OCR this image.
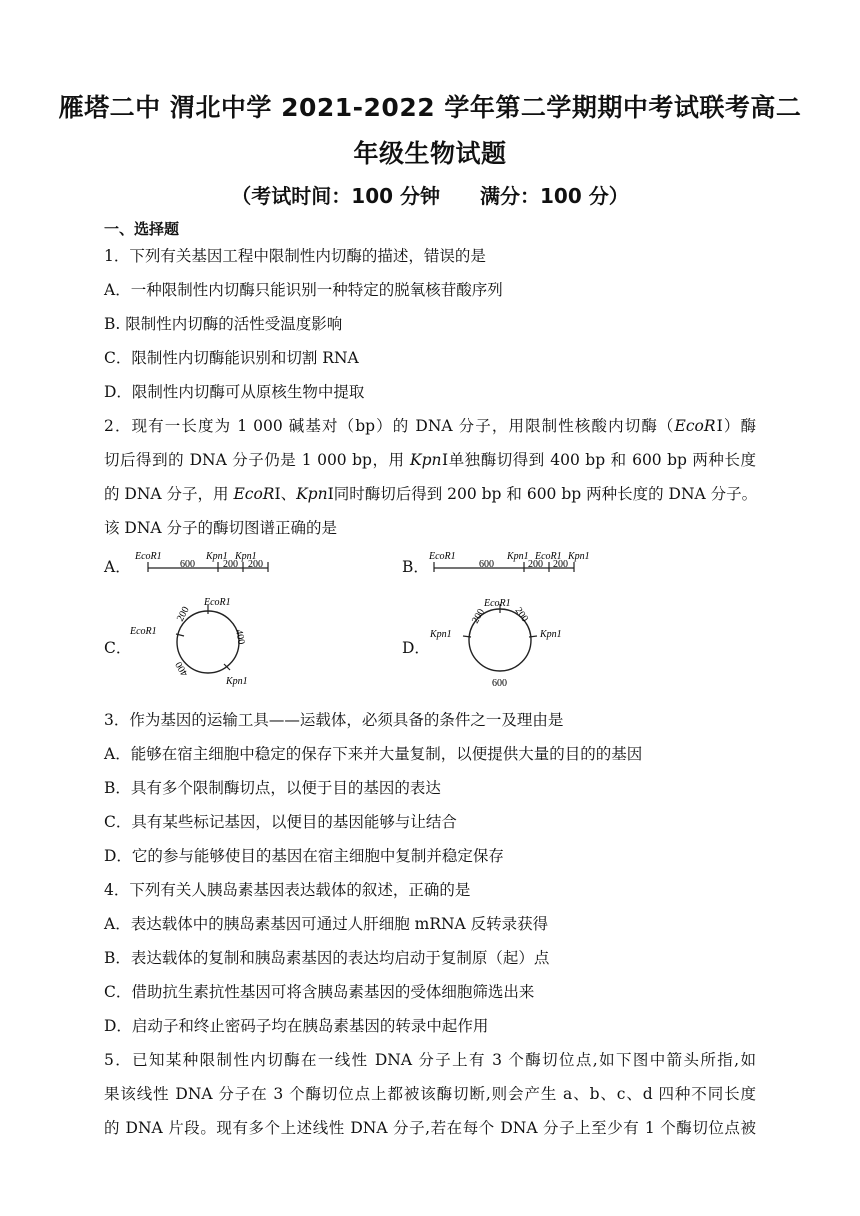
雁塔二中 渭北中学 2021-2022 学年第二学期期中考试联考高二
年级生物试题
（考试时间：100 分钟　　满分：100 分）
一、选择题
1．下列有关基因工程中限制性内切酶的描述，错误的是
A．一种限制性内切酶只能识别一种特定的脱氧核苷酸序列
B. 限制性内切酶的活性受温度影响
C．限制性内切酶能识别和切割 RNA
D．限制性内切酶可从原核生物中提取
2．现有一长度为 1 000 碱基对（bp）的 DNA 分子，用限制性核酸内切酶（EcoRⅠ）酶
切后得到的 DNA 分子仍是 1 000 bp，用 KpnⅠ单独酶切得到 400 bp 和 600 bp 两种长度
的 DNA 分子，用 EcoRⅠ、KpnⅠ同时酶切后得到 200 bp 和 600 bp 两种长度的 DNA 分子。
该 DNA 分子的酶切图谱正确的是
A．
EcoR1	Kpn1 Kpn1
600	200 200	B．
EcoR1	Kpn1 EcoR1 Kpn1
600	200 200
C．
EcoR1
EcoR1
Kpn1
200
400
400
D．
EcoR1
Kpn1	Kpn1
200	200
600
3．作为基因的运输工具——运载体，必须具备的条件之一及理由是
A．能够在宿主细胞中稳定的保存下来并大量复制，以便提供大量的目的的基因
B．具有多个限制酶切点，以便于目的基因的表达
C．具有某些标记基因，以便目的基因能够与让结合
D．它的参与能够使目的基因在宿主细胞中复制并稳定保存
4．下列有关人胰岛素基因表达载体的叙述，正确的是
A．表达载体中的胰岛素基因可通过人肝细胞 mRNA 反转录获得
B．表达载体的复制和胰岛素基因的表达均启动于复制原（起）点
C．借助抗生素抗性基因可将含胰岛素基因的受体细胞筛选出来
D．启动子和终止密码子均在胰岛素基因的转录中起作用
5．已知某种限制性内切酶在一线性 DNA 分子上有 3 个酶切位点,如下图中箭头所指,如
果该线性 DNA 分子在 3 个酶切位点上都被该酶切断,则会产生 a、b、c、d 四种不同长度
的 DNA 片段。现有多个上述线性 DNA 分子,若在每个 DNA 分子上至少有 1 个酶切位点被
